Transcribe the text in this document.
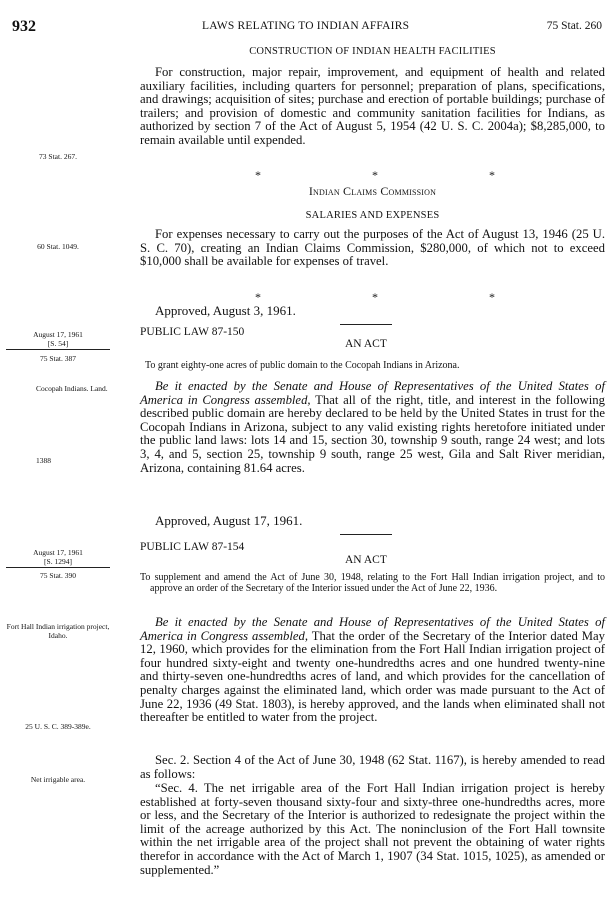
932	LAWS RELATING TO INDIAN AFFAIRS	75 Stat. 260
CONSTRUCTION OF INDIAN HEALTH FACILITIES

For construction, major repair, improvement, and equipment of health and related auxiliary facilities, including quarters for personnel; preparation of plans, specifications, and drawings; acquisition of sites; purchase and erection of portable buildings; purchase of trailers; and provision of domestic and community sanitation facilities for Indians, as authorized by section 7 of the Act of August 5, 1954 (42 U. S. C. 2004a); $8,285,000, to remain available until expended.

73 Stat. 267.
*	*	*
Indian Claims Commission
SALARIES AND EXPENSES

For expenses necessary to carry out the purposes of the Act of August 13, 1946 (25 U. S. C. 70), creating an Indian Claims Commission, $280,000, of which not to exceed $10,000 shall be available for expenses of travel.

60 Stat. 1049.
*	*	*
Approved, August 3, 1961.
PUBLIC LAW 87-150
AN ACT
August 17, 1961
[S. 54]
75 Stat. 387
To grant eighty-one acres of public domain to the Cocopah Indians in Arizona.

Be it enacted by the Senate and House of Representatives of the United States of America in Congress assembled, That all of the right, title, and interest in the following described public domain are hereby declared to be held by the United States in trust for the Cocopah Indians in Arizona, subject to any valid existing rights heretofore initiated under the public land laws: lots 14 and 15, section 30, township 9 south, range 24 west; and lots 3, 4, and 5, section 25, township 9 south, range 25 west, Gila and Salt River meridian, Arizona, containing 81.64 acres.

Cocopah Indians. Land.
1388
Approved, August 17, 1961.
PUBLIC LAW 87-154
AN ACT
August 17, 1961
[S. 1294]
75 Stat. 390	To supplement and amend the Act of June 30, 1948, relating to the Fort Hall Indian irrigation project, and to approve an order of the Secretary of the Interior issued under the Act of June 22, 1936.

Be it enacted by the Senate and House of Representatives of the United States of America in Congress assembled, That the order of the Secretary of the Interior dated May 12, 1960, which provides for the elimination from the Fort Hall Indian irrigation project of four hundred sixty-eight and twenty one-hundredths acres and one hundred twenty-nine and thirty-seven one-hundredths acres of land, and which provides for the cancellation of penalty charges against the eliminated land, which order was made pursuant to the Act of June 22, 1936 (49 Stat. 1803), is hereby approved, and the lands when eliminated shall not thereafter be entitled to water from the project.

Fort Hall Indian irrigation project, Idaho.
25 U. S. C. 389-389e.

Sec. 2. Section 4 of the Act of June 30, 1948 (62 Stat. 1167), is hereby amended to read as follows:

Net irrigable area.

“Sec. 4. The net irrigable area of the Fort Hall Indian irrigation project is hereby established at forty-seven thousand sixty-four and sixty-three one-hundredths acres, more or less, and the Secretary of the Interior is authorized to redesignate the project within the limit of the acreage authorized by this Act. The noninclusion of the Fort Hall townsite within the net irrigable area of the project shall not prevent the obtaining of water rights therefor in accordance with the Act of March 1, 1907 (34 Stat. 1015, 1025), as amended or supplemented.”
